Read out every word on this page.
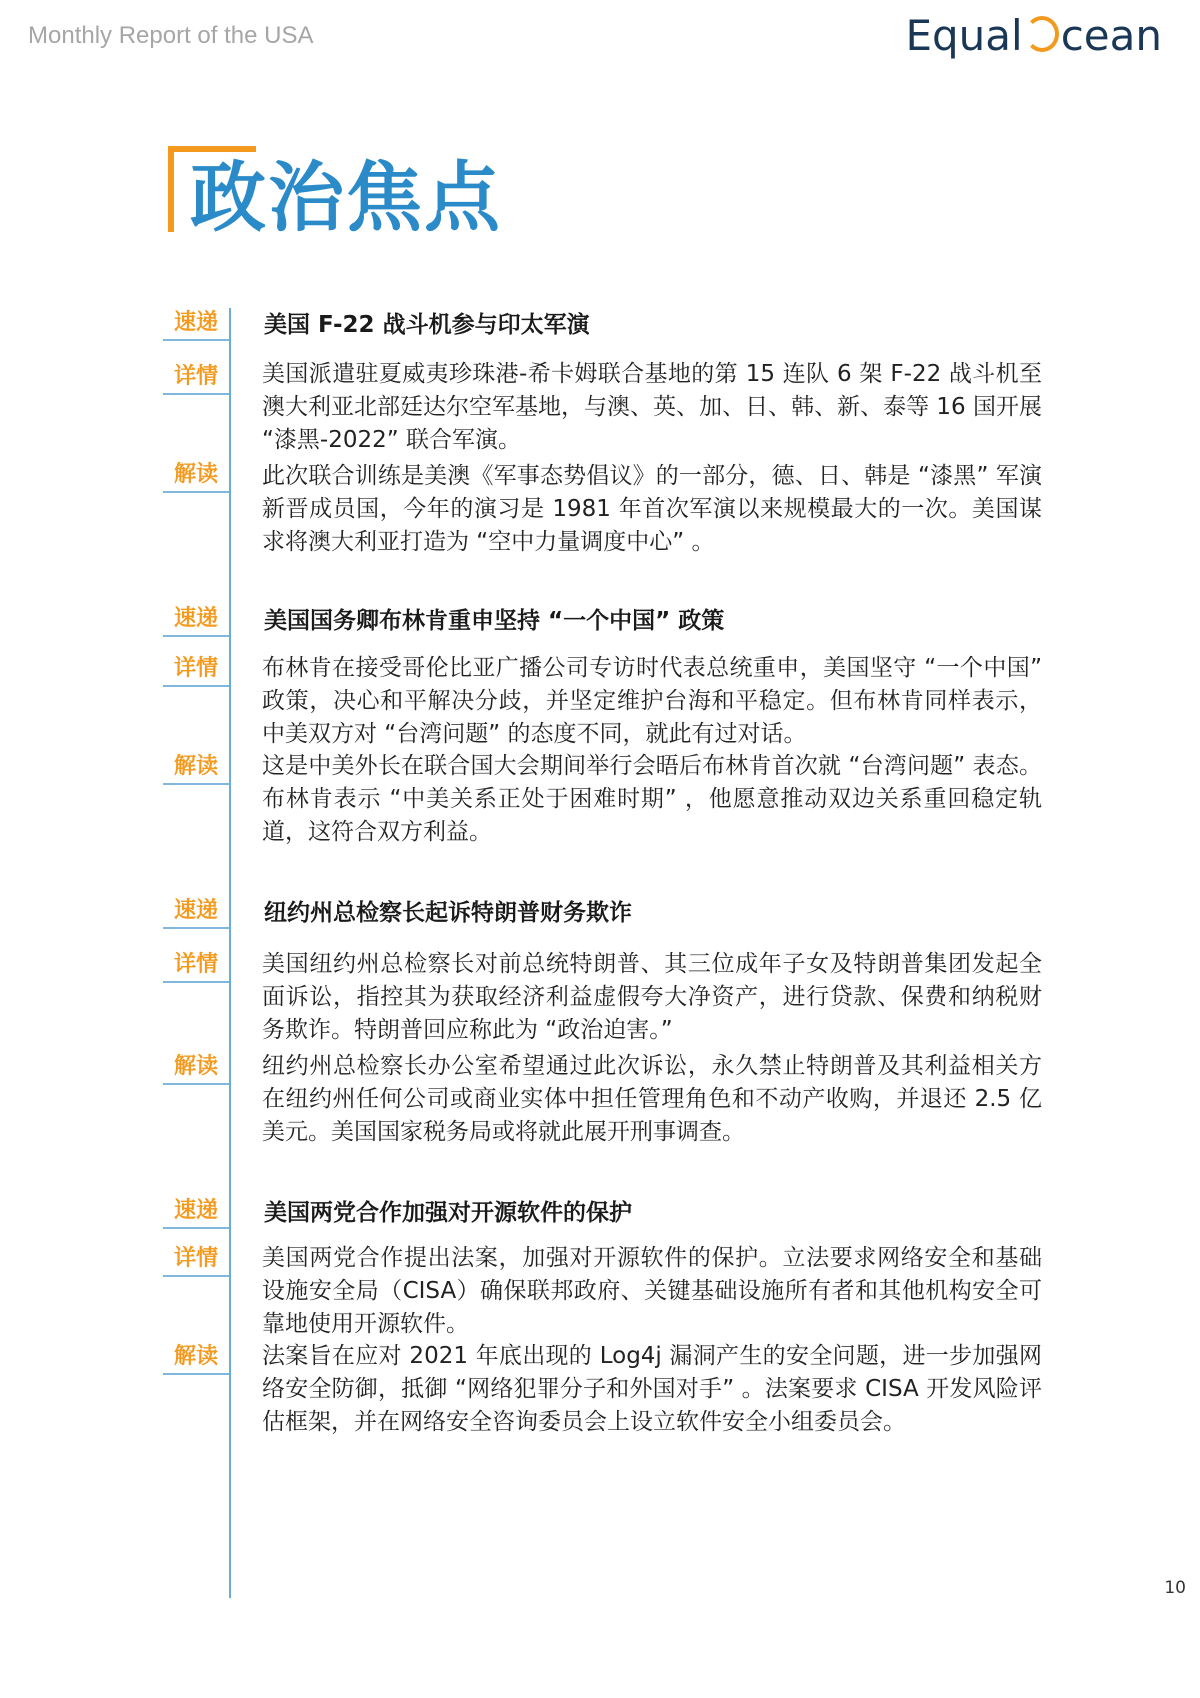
Monthly Report of the USA	Equal cean
政治焦点
速递	美国 F-22 战斗机参与印太军演
详情	美国派遣驻夏威夷珍珠港-希卡姆联合基地的第 15 连队 6 架 F-22 战斗机至澳大利亚北部廷达尔空军基地，与澳、英、加、日、韩、新、泰等 16 国开展 “漆黑-2022” 联合军演。
解读	此次联合训练是美澳《军事态势倡议》的一部分，德、日、韩是 “漆黑” 军演新晋成员国，今年的演习是 1981 年首次军演以来规模最大的一次。美国谋求将澳大利亚打造为 “空中力量调度中心” 。
速递	美国国务卿布林肯重申坚持 “一个中国” 政策
详情	布林肯在接受哥伦比亚广播公司专访时代表总统重申，美国坚守 “一个中国” 政策，决心和平解决分歧，并坚定维护台海和平稳定。但布林肯同样表示，中美双方对 “台湾问题” 的态度不同，就此有过对话。
解读	这是中美外长在联合国大会期间举行会晤后布林肯首次就 “台湾问题” 表态。布林肯表示 “中美关系正处于困难时期” ，他愿意推动双边关系重回稳定轨道，这符合双方利益。
速递	纽约州总检察长起诉特朗普财务欺诈
详情	美国纽约州总检察长对前总统特朗普、其三位成年子女及特朗普集团发起全面诉讼，指控其为获取经济利益虚假夸大净资产，进行贷款、保费和纳税财务欺诈。特朗普回应称此为 “政治迫害。”
解读	纽约州总检察长办公室希望通过此次诉讼，永久禁止特朗普及其利益相关方在纽约州任何公司或商业实体中担任管理角色和不动产收购，并退还 2.5 亿美元。美国国家税务局或将就此展开刑事调查。
速递	美国两党合作加强对开源软件的保护
详情	美国两党合作提出法案，加强对开源软件的保护。立法要求网络安全和基础设施安全局（CISA）确保联邦政府、关键基础设施所有者和其他机构安全可靠地使用开源软件。
解读	法案旨在应对 2021 年底出现的 Log4j 漏洞产生的安全问题，进一步加强网络安全防御，抵御 “网络犯罪分子和外国对手” 。法案要求 CISA 开发风险评估框架，并在网络安全咨询委员会上设立软件安全小组委员会。
10
